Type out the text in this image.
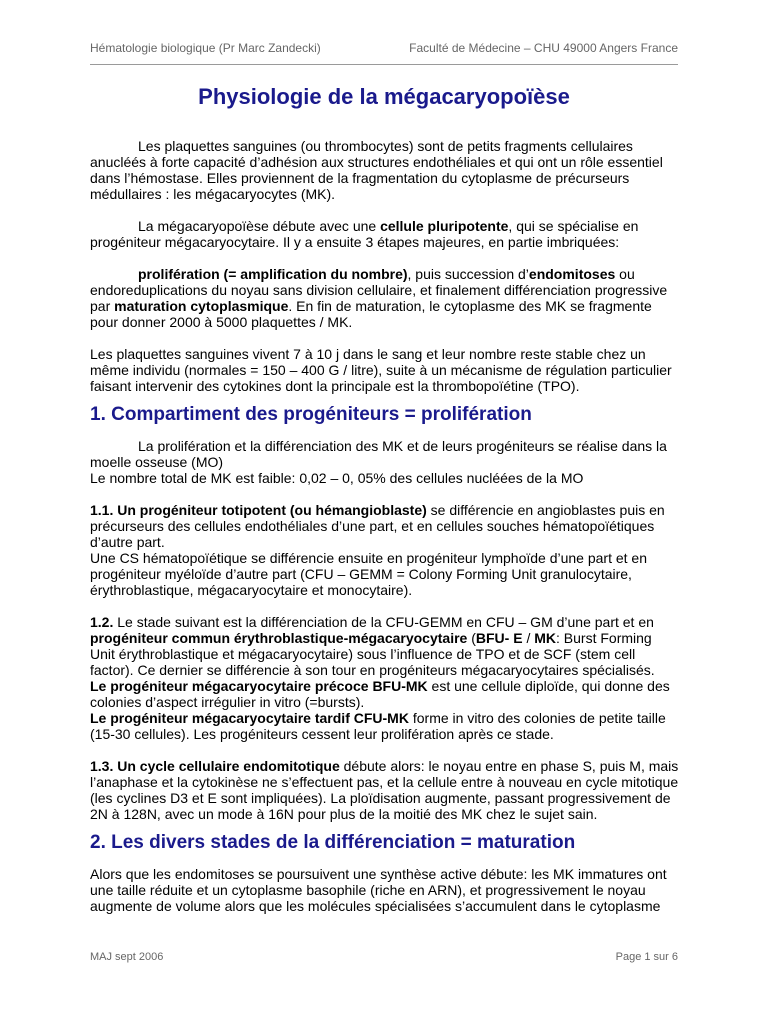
Hématologie biologique (Pr Marc Zandecki)	Faculté de Médecine – CHU 49000 Angers France
Physiologie de la mégacaryopoïèse

Les plaquettes sanguines (ou thrombocytes) sont de petits fragments cellulaires anucléés à forte capacité d’adhésion aux structures endothéliales et qui ont un rôle essentiel dans l’hémostase. Elles proviennent de la fragmentation du cytoplasme de précurseurs médullaires : les mégacaryocytes (MK).

La mégacaryopoïèse débute avec une cellule pluripotente, qui se spécialise en progéniteur mégacaryocytaire. Il y a ensuite 3 étapes majeures, en partie imbriquées:

prolifération (= amplification du nombre), puis succession d’endomitoses ou endoreduplications du noyau sans division cellulaire, et finalement différenciation progressive par maturation cytoplasmique. En fin de maturation, le cytoplasme des MK se fragmente pour donner 2000 à 5000 plaquettes / MK.

Les plaquettes sanguines vivent 7 à 10 j dans le sang et leur nombre reste stable chez un même individu (normales = 150 – 400 G / litre), suite à un mécanisme de régulation particulier faisant intervenir des cytokines dont la principale est la thrombopoïétine (TPO).

1. Compartiment des progéniteurs = prolifération

La prolifération et la différenciation des MK et de leurs progéniteurs se réalise dans la moelle osseuse (MO)
Le nombre total de MK est faible: 0,02 – 0, 05% des cellules nucléées de la MO

1.1. Un progéniteur totipotent (ou hémangioblaste) se différencie en angioblastes puis en précurseurs des cellules endothéliales d’une part, et en cellules souches hématopoïétiques d’autre part.
Une CS hématopoïétique se différencie ensuite en progéniteur lymphoïde d’une part et en progéniteur myéloïde d’autre part (CFU – GEMM = Colony Forming Unit granulocytaire, érythroblastique, mégacaryocytaire et monocytaire).

1.2. Le stade suivant est la différenciation de la CFU-GEMM en CFU – GM d’une part et en progéniteur commun érythroblastique-mégacaryocytaire (BFU- E / MK: Burst Forming Unit érythroblastique et mégacaryocytaire) sous l’influence de TPO et de SCF (stem cell factor). Ce dernier se différencie à son tour en progéniteurs mégacaryocytaires spécialisés.
Le progéniteur mégacaryocytaire précoce BFU-MK est une cellule diploïde, qui donne des colonies d’aspect irrégulier in vitro (=bursts).
Le progéniteur mégacaryocytaire tardif CFU-MK forme in vitro des colonies de petite taille (15-30 cellules). Les progéniteurs cessent leur prolifération après ce stade.

1.3. Un cycle cellulaire endomitotique débute alors: le noyau entre en phase S, puis M, mais l’anaphase et la cytokinèse ne s’effectuent pas, et la cellule entre à nouveau en cycle mitotique (les cyclines D3 et E sont impliquées). La ploïdisation augmente, passant progressivement de 2N à 128N, avec un mode à 16N pour plus de la moitié des MK chez le sujet sain.

2. Les divers stades de la différenciation = maturation

Alors que les endomitoses se poursuivent une synthèse active débute: les MK immatures ont une taille réduite et un cytoplasme basophile (riche en ARN), et progressivement le noyau augmente de volume alors que les molécules spécialisées s’accumulent dans le cytoplasme

MAJ sept 2006	Page 1 sur 6
